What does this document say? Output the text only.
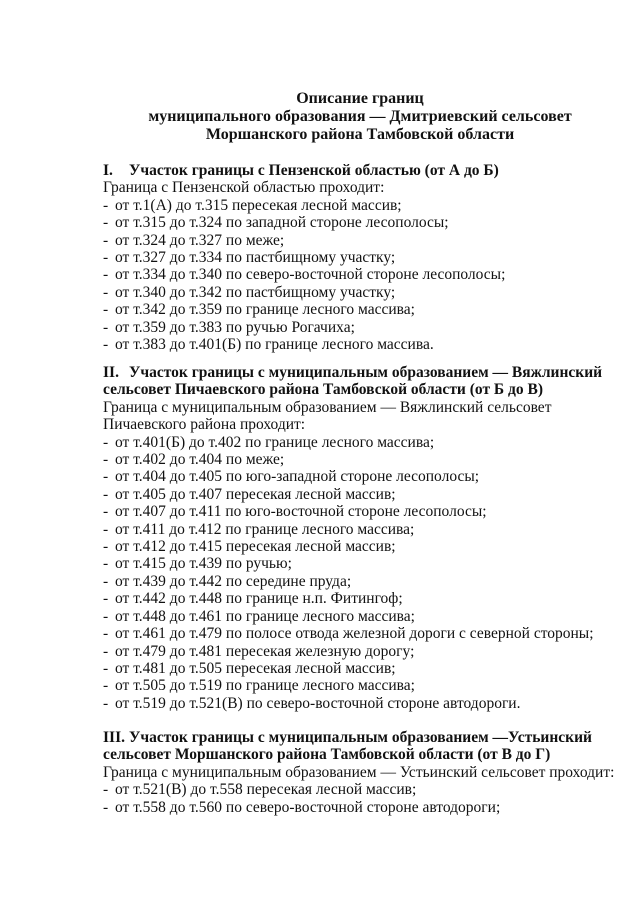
Описание границ
муниципального образования — Дмитриевский сельсовет
Моршанского района Тамбовской области
I. Участок границы с Пензенской областью (от А до Б)
Граница с Пензенской областью проходит:
- от т.1(А) до т.315 пересекая лесной массив;
- от т.315 до т.324 по западной стороне лесополосы;
- от т.324 до т.327 по меже;
- от т.327 до т.334 по пастбищному участку;
- от т.334 до т.340 по северо-восточной стороне лесополосы;
- от т.340 до т.342 по пастбищному участку;
- от т.342 до т.359 по границе лесного массива;
- от т.359 до т.383 по ручью Рогачиха;
- от т.383 до т.401(Б) по границе лесного массива.
II. Участок границы с муниципальным образованием — Вяжлинский
сельсовет Пичаевского района Тамбовской области (от Б до В)
Граница с муниципальным образованием — Вяжлинский сельсовет
Пичаевского района проходит:
- от т.401(Б) до т.402 по границе лесного массива;
- от т.402 до т.404 по меже;
- от т.404 до т.405 по юго-западной стороне лесополосы;
- от т.405 до т.407 пересекая лесной массив;
- от т.407 до т.411 по юго-восточной стороне лесополосы;
- от т.411 до т.412 по границе лесного массива;
- от т.412 до т.415 пересекая лесной массив;
- от т.415 до т.439 по ручью;
- от т.439 до т.442 по середине пруда;
- от т.442 до т.448 по границе н.п. Фитингоф;
- от т.448 до т.461 по границе лесного массива;
- от т.461 до т.479 по полосе отвода железной дороги с северной стороны;
- от т.479 до т.481 пересекая железную дорогу;
- от т.481 до т.505 пересекая лесной массив;
- от т.505 до т.519 по границе лесного массива;
- от т.519 до т.521(В) по северо-восточной стороне автодороги.
III. Участок границы с муниципальным образованием —Устьинский
сельсовет Моршанского района Тамбовской области (от В до Г)
Граница с муниципальным образованием — Устьинский сельсовет проходит:
- от т.521(В) до т.558 пересекая лесной массив;
- от т.558 до т.560 по северо-восточной стороне автодороги;
